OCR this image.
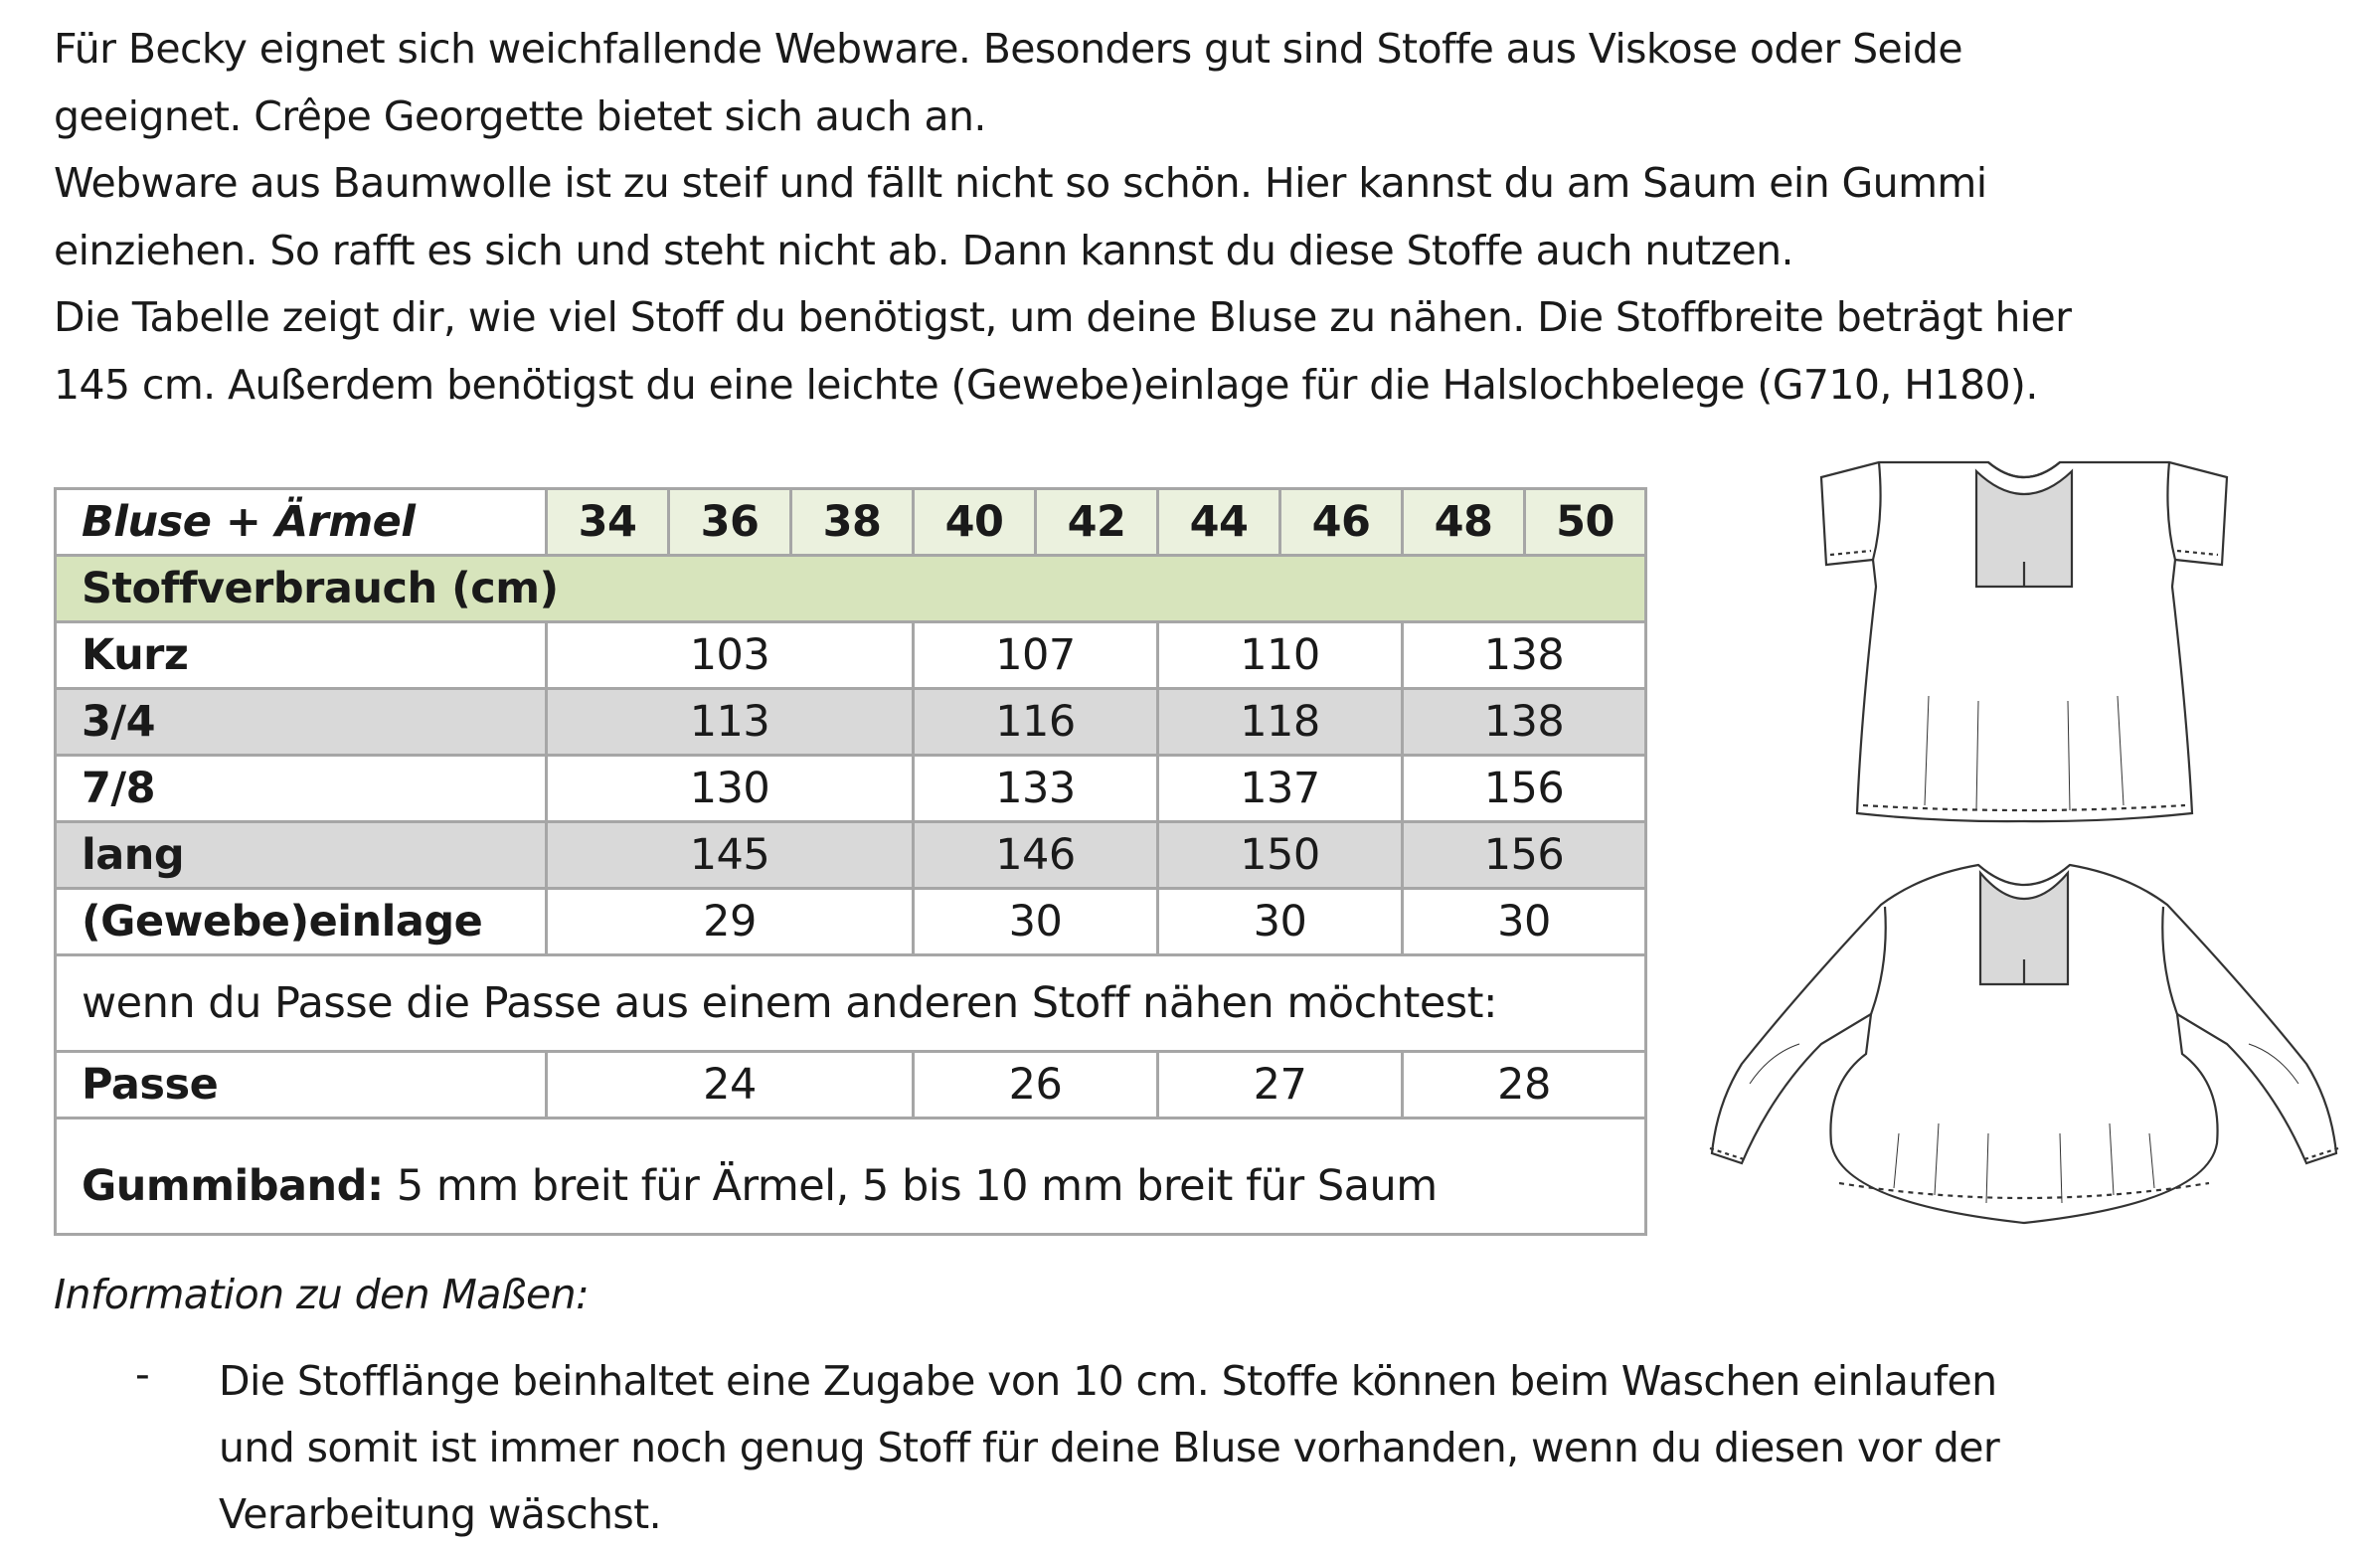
Für Becky eignet sich weichfallende Webware. Besonders gut sind Stoffe aus Viskose oder Seide

geeignet. Crêpe Georgette bietet sich auch an.

Webware aus Baumwolle ist zu steif und fällt nicht so schön. Hier kannst du am Saum ein Gummi

einziehen. So rafft es sich und steht nicht ab. Dann kannst du diese Stoffe auch nutzen.

Die Tabelle zeigt dir, wie viel Stoff du benötigst, um deine Bluse zu nähen. Die Stoffbreite beträgt hier

145 cm. Außerdem benötigst du eine leichte (Gewebe)einlage für die Halslochbelege (G710, H180).

Bluse + Ärmel	34	36	38	40	42	44	46	48	50
Stoffverbrauch (cm)									
Kurz	103			107		110		138	
3/4	113			116		118		138	
7/8	130			133		137		156	
lang	145			146		150		156	
(Gewebe)einlage	29			30		30		30	
wenn du Passe die Passe aus einem anderen Stoff nähen möchtest:									
Passe	24			26		27		28	
Gummiband: 5 mm breit für Ärmel, 5 bis 10 mm breit für Saum									
Information zu den Maßen:
- Die Stofflänge beinhaltet eine Zugabe von 10 cm. Stoffe können beim Waschen einlaufen

und somit ist immer noch genug Stoff für deine Bluse vorhanden, wenn du diesen vor der

Verarbeitung wäschst.
